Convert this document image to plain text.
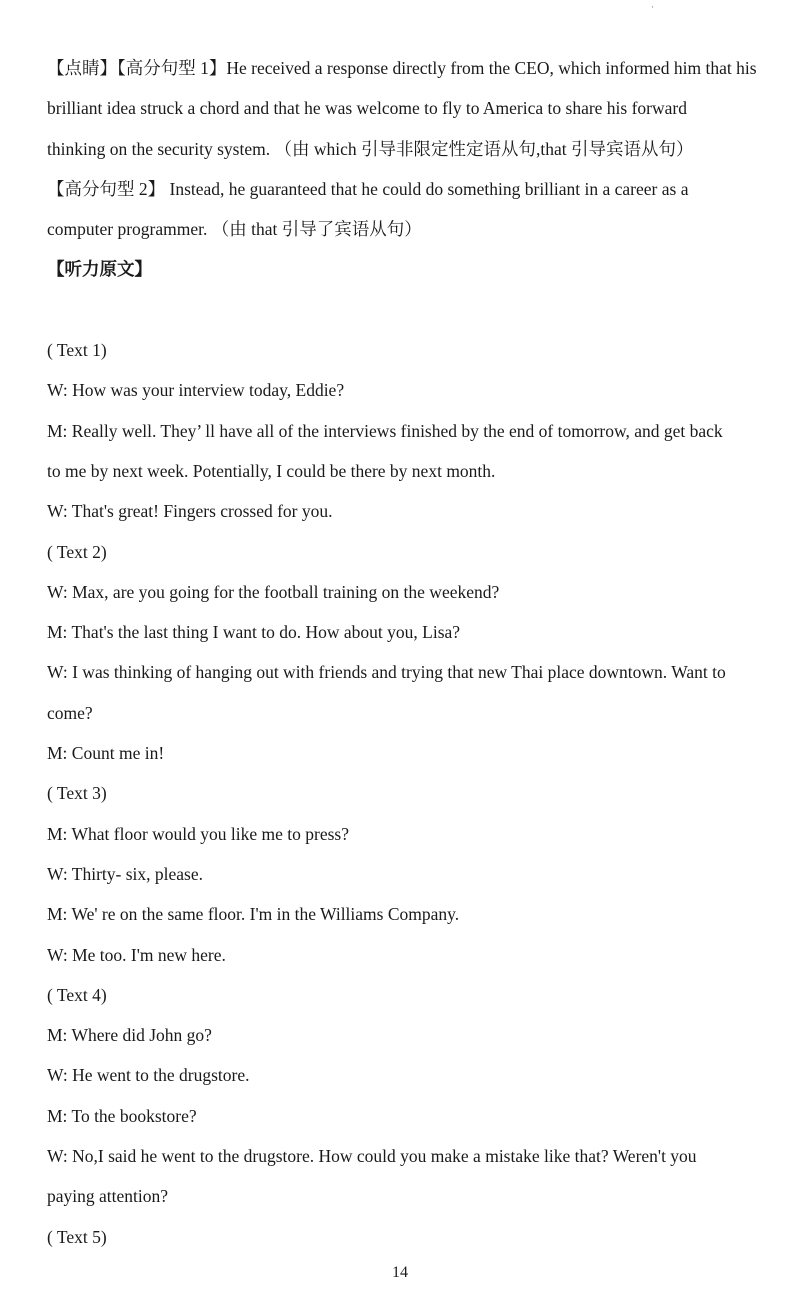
·
【点睛】【高分句型 1】He received a response directly from the CEO, which informed him that his
brilliant idea struck a chord and that he was welcome to fly to America to share his forward
thinking on the security system. （由 which 引导非限定性定语从句,that 引导宾语从句）
【高分句型 2】 Instead, he guaranteed that he could do something brilliant in a career as a
computer programmer. （由 that 引导了宾语从句）
【听力原文】
( Text 1)
W: How was your interview today, Eddie?
M: Really well. They’ ll have all of the interviews finished by the end of tomorrow, and get back
to me by next week. Potentially, I could be there by next month.
W: That's great! Fingers crossed for you.
( Text 2)
W: Max, are you going for the football training on the weekend?
M: That's the last thing I want to do. How about you, Lisa?
W: I was thinking of hanging out with friends and trying that new Thai place downtown. Want to
come?
M: Count me in!
( Text 3)
M: What floor would you like me to press?
W: Thirty- six, please.
M: We' re on the same floor. I'm in the Williams Company.
W: Me too. I'm new here.
( Text 4)
M: Where did John go?
W: He went to the drugstore.
M: To the bookstore?
W: No,I said he went to the drugstore. How could you make a mistake like that? Weren't you
paying attention?
( Text 5)
14
